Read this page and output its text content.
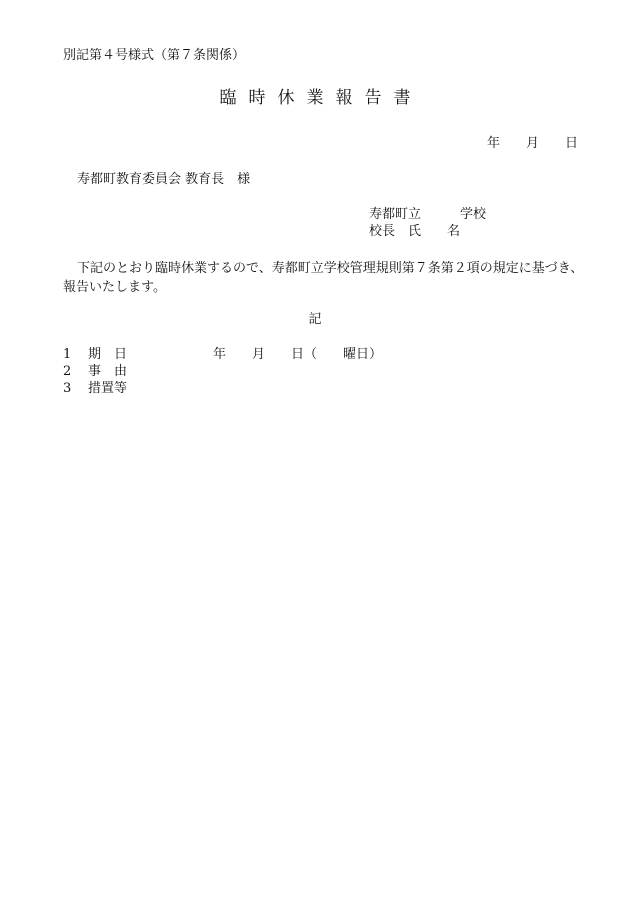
別記第４号様式（第７条関係）
臨時休業報告書
年　　月　　日
寿都町教育委員会 教育長　様
寿都町立　　　学校
校長　氏　　名
下記のとおり臨時休業するので、寿都町立学校管理規則第７条第２項の規定に基づき、報告いたします。
記
1	期　日	　　　　　年　　月　　日（　　曜日）
2	事　由
3	措置等
